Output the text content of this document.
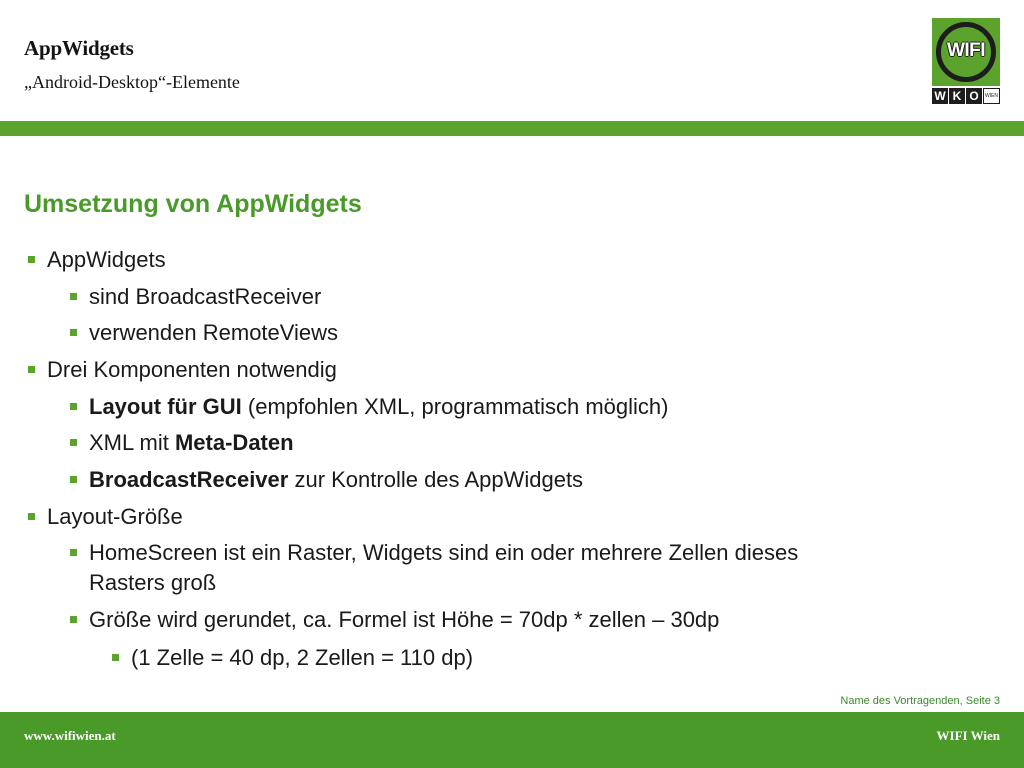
AppWidgets
„Android-Desktop“-Elemente
WIFI
W K O	WIEN
Umsetzung von AppWidgets
AppWidgets
sind BroadcastReceiver
verwenden RemoteViews
Drei Komponenten notwendig
Layout für GUI (empfohlen XML, programmatisch möglich)
XML mit Meta-Daten
BroadcastReceiver zur Kontrolle des AppWidgets
Layout-Größe
HomeScreen ist ein Raster, Widgets sind ein oder mehrere Zellen dieses
Rasters groß
Größe wird gerundet, ca. Formel ist Höhe = 70dp * zellen – 30dp
(1 Zelle = 40 dp, 2 Zellen = 110 dp)
Name des Vortragenden, Seite 3
www.wifiwien.at	WIFI Wien
